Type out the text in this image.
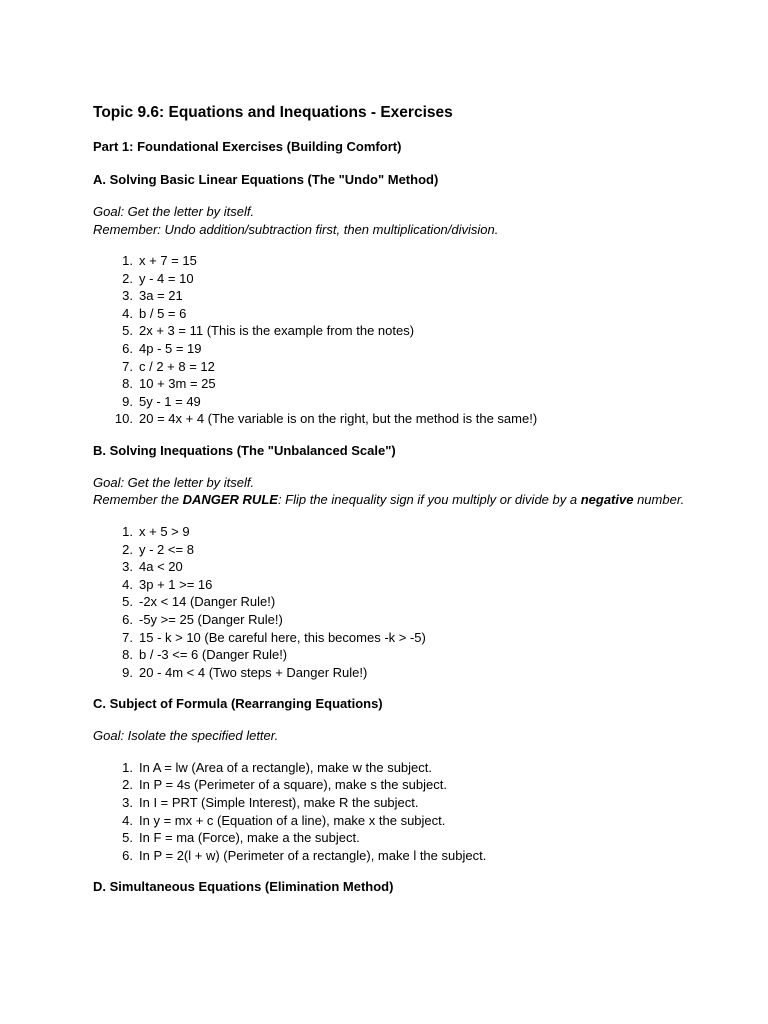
Topic 9.6: Equations and Inequations - Exercises
Part 1: Foundational Exercises (Building Comfort)
A. Solving Basic Linear Equations (The "Undo" Method)
Goal: Get the letter by itself.
Remember: Undo addition/subtraction first, then multiplication/division.
1. x + 7 = 15
2. y - 4 = 10
3. 3a = 21
4. b / 5 = 6
5. 2x + 3 = 11 (This is the example from the notes)
6. 4p - 5 = 19
7. c / 2 + 8 = 12
8. 10 + 3m = 25
9. 5y - 1 = 49
10. 20 = 4x + 4 (The variable is on the right, but the method is the same!)
B. Solving Inequations (The "Unbalanced Scale")
Goal: Get the letter by itself.
Remember the DANGER RULE: Flip the inequality sign if you multiply or divide by a negative number.
1. x + 5 > 9
2. y - 2 <= 8
3. 4a < 20
4. 3p + 1 >= 16
5. -2x < 14 (Danger Rule!)
6. -5y >= 25 (Danger Rule!)
7. 15 - k > 10 (Be careful here, this becomes -k > -5)
8. b / -3 <= 6 (Danger Rule!)
9. 20 - 4m < 4 (Two steps + Danger Rule!)
C. Subject of Formula (Rearranging Equations)
Goal: Isolate the specified letter.
1. In A = lw (Area of a rectangle), make w the subject.
2. In P = 4s (Perimeter of a square), make s the subject.
3. In I = PRT (Simple Interest), make R the subject.
4. In y = mx + c (Equation of a line), make x the subject.
5. In F = ma (Force), make a the subject.
6. In P = 2(l + w) (Perimeter of a rectangle), make l the subject.
D. Simultaneous Equations (Elimination Method)
